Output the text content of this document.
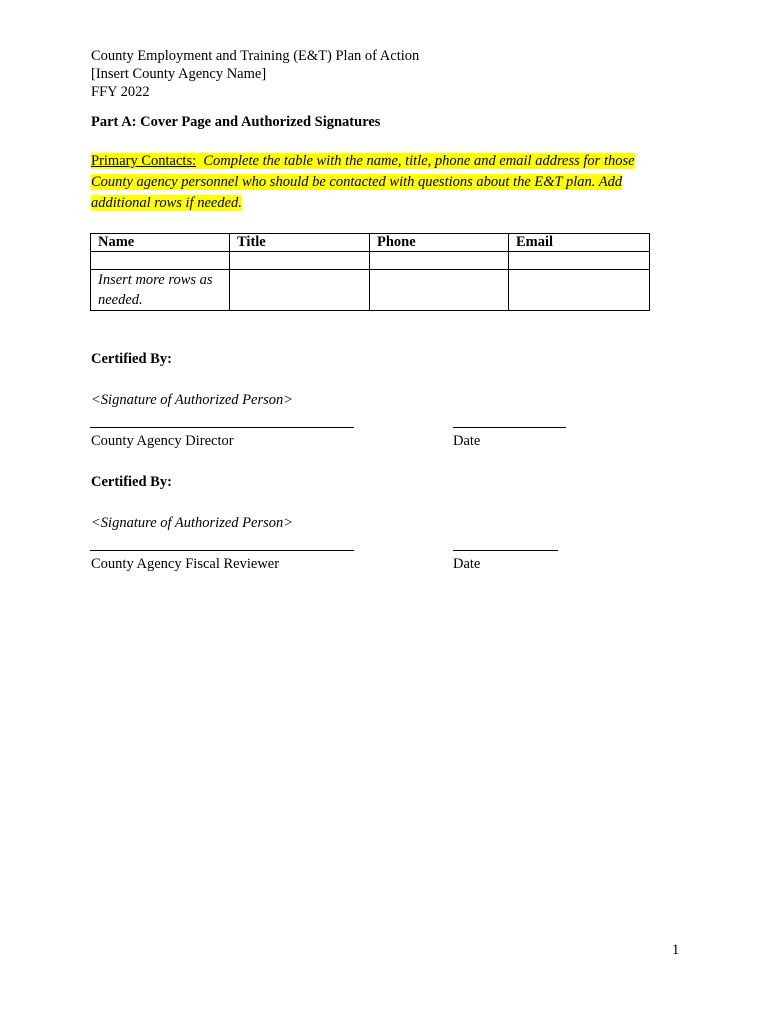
County Employment and Training (E&T) Plan of Action
[Insert County Agency Name]
FFY 2022
Part A: Cover Page and Authorized Signatures
Primary Contacts: Complete the table with the name, title, phone and email address for those County agency personnel who should be contacted with questions about the E&T plan. Add additional rows if needed.
Name	Title	Phone	Email

Insert more rows as needed.			
Certified By:
<Signature of Authorized Person>
County Agency Director	Date
Certified By:
<Signature of Authorized Person>
County Agency Fiscal Reviewer	Date
1
